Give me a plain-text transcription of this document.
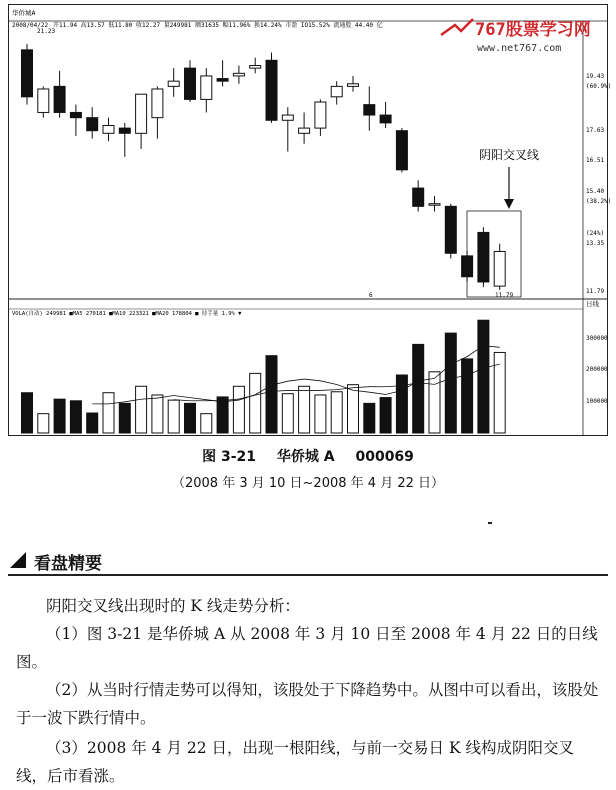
华侨城A
2008/04/22 开11.94 高13.57 低11.80 收12.27 量249981 额31635 幅11.96% 换14.24% 市盈 IO15.52% 流通股 44.40 亿	767股票学习网
www.net767.com
19.43
(60.9%)
17.63
16.51
15.40
(38.2%)
(24%)
13.35
11.79
日线
300000
200000
100000
VOLA(自动) 249981 ■MA5 270181 ■MA10 223321 ■MA20 178804 ■ 持手量 1.9% ▼
6
阴阳交叉线
21.23
11.79
图 3-21 华侨城 A 000069
（2008 年 3 月 10 日~2008 年 4 月 22 日）
看盘精要
阴阳交叉线出现时的 K 线走势分析：
（1）图 3-21 是华侨城 A 从 2008 年 3 月 10 日至 2008 年 4 月 22 日的日线图。
（2）从当时行情走势可以得知，该股处于下降趋势中。从图中可以看出，该股处于一波下跌行情中。
（3）2008 年 4 月 22 日，出现一根阳线，与前一交易日 K 线构成阴阳交叉线，后市看涨。
